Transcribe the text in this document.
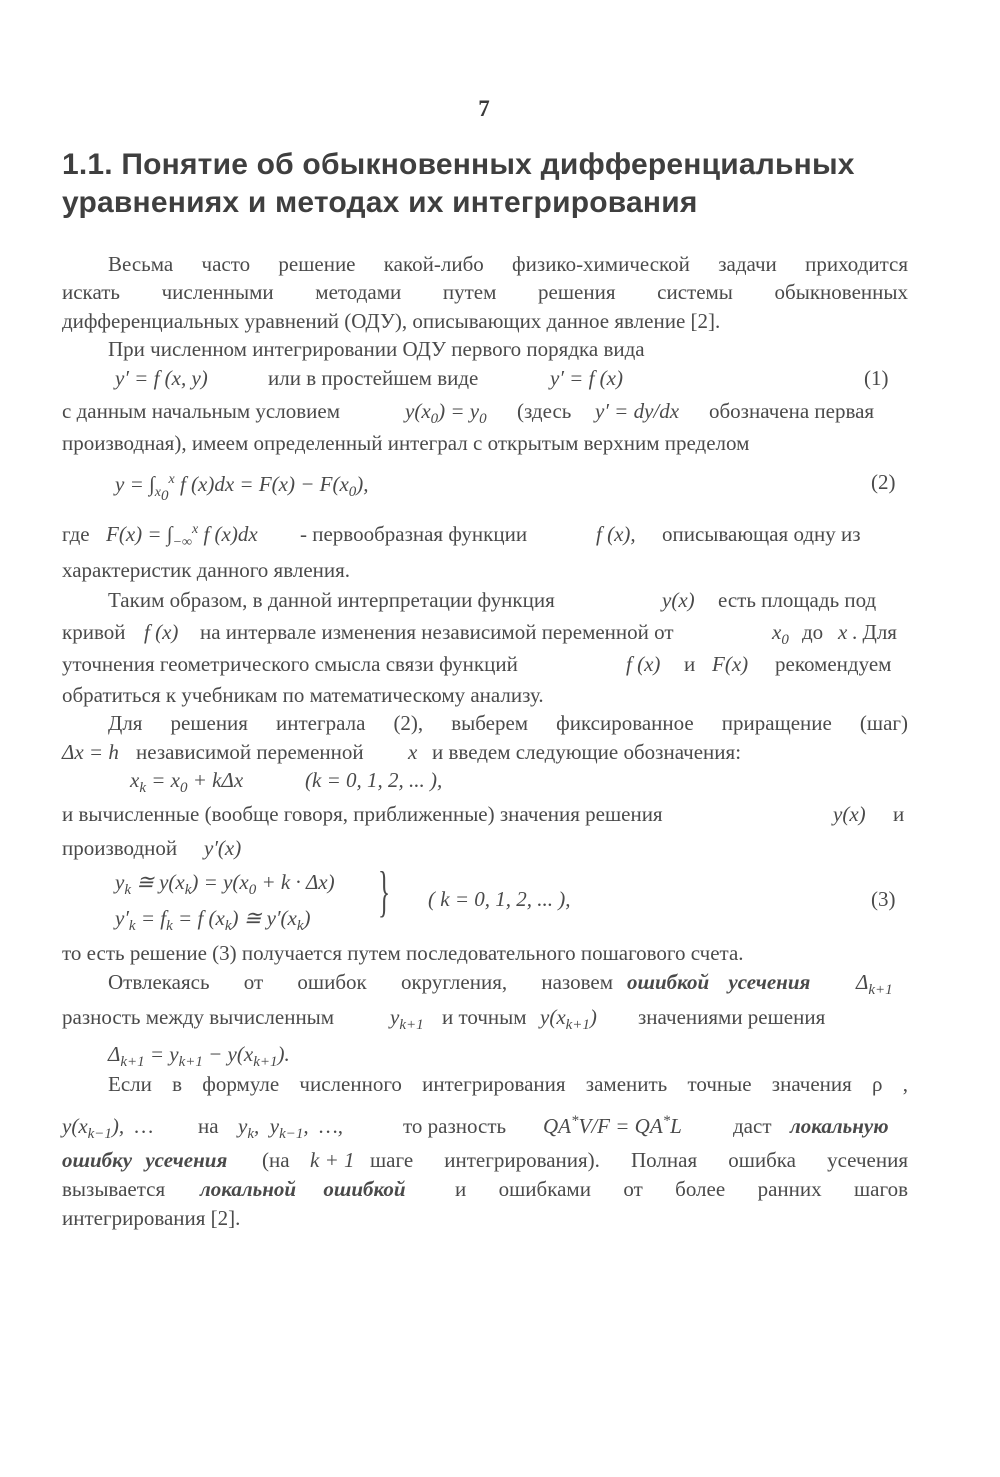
7
1.1. Понятие об обыкновенных дифференциальных
уравнениях и методах их интегрирования
Весьма часто решение какой-либо физико-химической задачи приходится
искать численными методами путем решения системы обыкновенных
дифференциальных уравнений (ОДУ), описывающих данное явление [2].
При численном интегрировании ОДУ первого порядка вида
y′ = f (x, y)	или в простейшем виде	y′ = f (x)	(1)
с данным начальным условием	$y(x_0) = y_0$ (здесь y′ = dy/dx обозначена первая
производная), имеем определенный интеграл с открытым верхним пределом
$y = \int_{x_0}^x$ f $(x)dx = F(x) - F(x_0)$,	(2)
где $F(x) = \int_{-\infty}^x$ f (x)dx - первообразная функции	f (x), описывающая одну из
характеристик данного явления.
Таким образом, в данной интерпретации функция	y(x) есть площадь под
кривой f (x) на интервале изменения независимой переменной от	$x_0$ до x . Для
уточнения геометрического смысла связи функций	f (x) и F(x) рекомендуем
обратиться к учебникам по математическому анализу.
Для решения интеграла (2), выберем фиксированное приращение (шаг)
Δx = h независимой переменной x и введем следующие обозначения:
$x_k = x_0 + k\Delta x$	(k = 0, 1, 2, ... ),
и вычисленные (вообще говоря, приближенные) значения решения	y(x) и
производной y′(x)
$y_k$ ≅ $y(x_k) = y(x_0 + k \cdot \Delta x)$
$y'_k = f_k = f$ $(x_k)$ ≅ $y'(x_k)$ } ( k = 0, 1, 2, ... ),	(3)
то есть решение (3) получается путем последовательного пошагового счета.
Отвлекаясь от ошибок округления, назовем ошибкой усечения $\Delta_{k+1}$
разность между вычисленным	$y_{k+1}$ и точным $y(x_{k+1})$ значениями решения
$\Delta_{k+1} = y_{k+1} - y(x_{k+1})$.
Если в формуле численного интегрирования заменить точные значения ρ ,
$y(x_{k-1})$,  … на $y_k$,  $y_{k-1}$,  …,	то разность QA*V/F = QA*L даст локальную
ошибку усечения (на k + 1 шаге интегрирования). Полная ошибка усечения
вызывается локальной ошибкой и ошибками от более ранних шагов
интегрирования [2].
